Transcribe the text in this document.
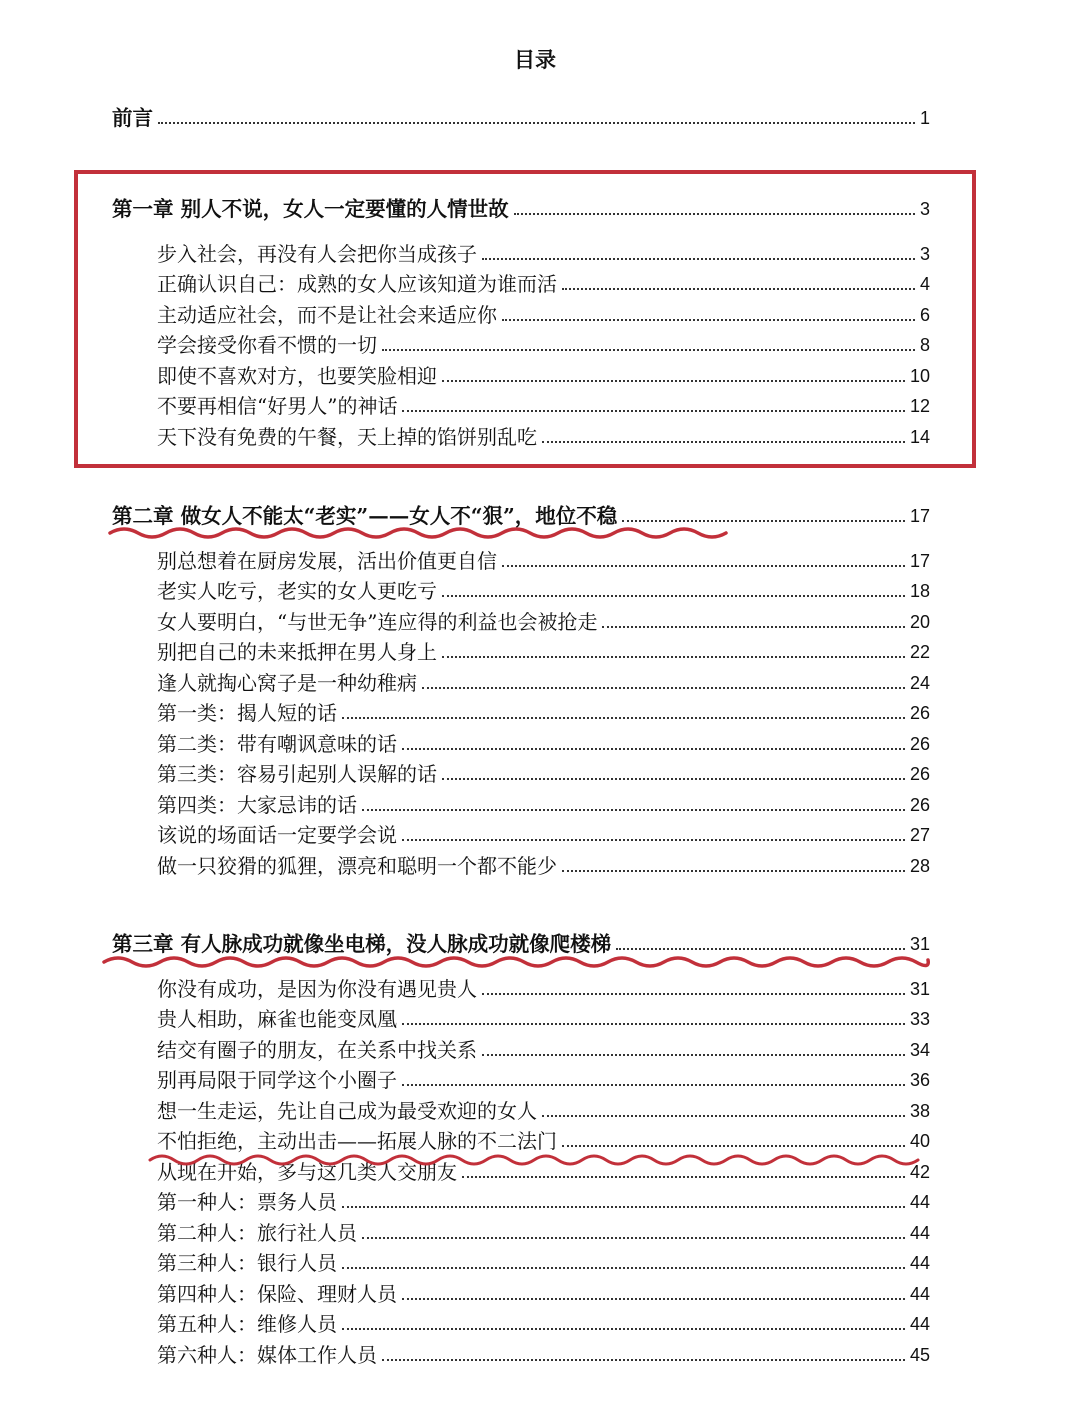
目录
前言	1
第一章 别人不说，女人一定要懂的人情世故	3
步入社会，再没有人会把你当成孩子	3
正确认识自己：成熟的女人应该知道为谁而活	4
主动适应社会，而不是让社会来适应你	6
学会接受你看不惯的一切	8
即使不喜欢对方，也要笑脸相迎	10
不要再相信“好男人”的神话	12
天下没有免费的午餐，天上掉的馅饼别乱吃	14
第二章 做女人不能太“老实”——女人不“狠”，地位不稳	17
别总想着在厨房发展，活出价值更自信	17
老实人吃亏，老实的女人更吃亏	18
女人要明白，“与世无争”连应得的利益也会被抢走	20
别把自己的未来抵押在男人身上	22
逢人就掏心窝子是一种幼稚病	24
第一类：揭人短的话	26
第二类：带有嘲讽意味的话	26
第三类：容易引起别人误解的话	26
第四类：大家忌讳的话	26
该说的场面话一定要学会说	27
做一只狡猾的狐狸，漂亮和聪明一个都不能少	28
第三章 有人脉成功就像坐电梯，没人脉成功就像爬楼梯	31
你没有成功，是因为你没有遇见贵人	31
贵人相助，麻雀也能变凤凰	33
结交有圈子的朋友，在关系中找关系	34
别再局限于同学这个小圈子	36
想一生走运，先让自己成为最受欢迎的女人	38
不怕拒绝，主动出击——拓展人脉的不二法门	40
从现在开始，多与这几类人交朋友	42
第一种人：票务人员	44
第二种人：旅行社人员	44
第三种人：银行人员	44
第四种人：保险、理财人员	44
第五种人：维修人员	44
第六种人：媒体工作人员	45
